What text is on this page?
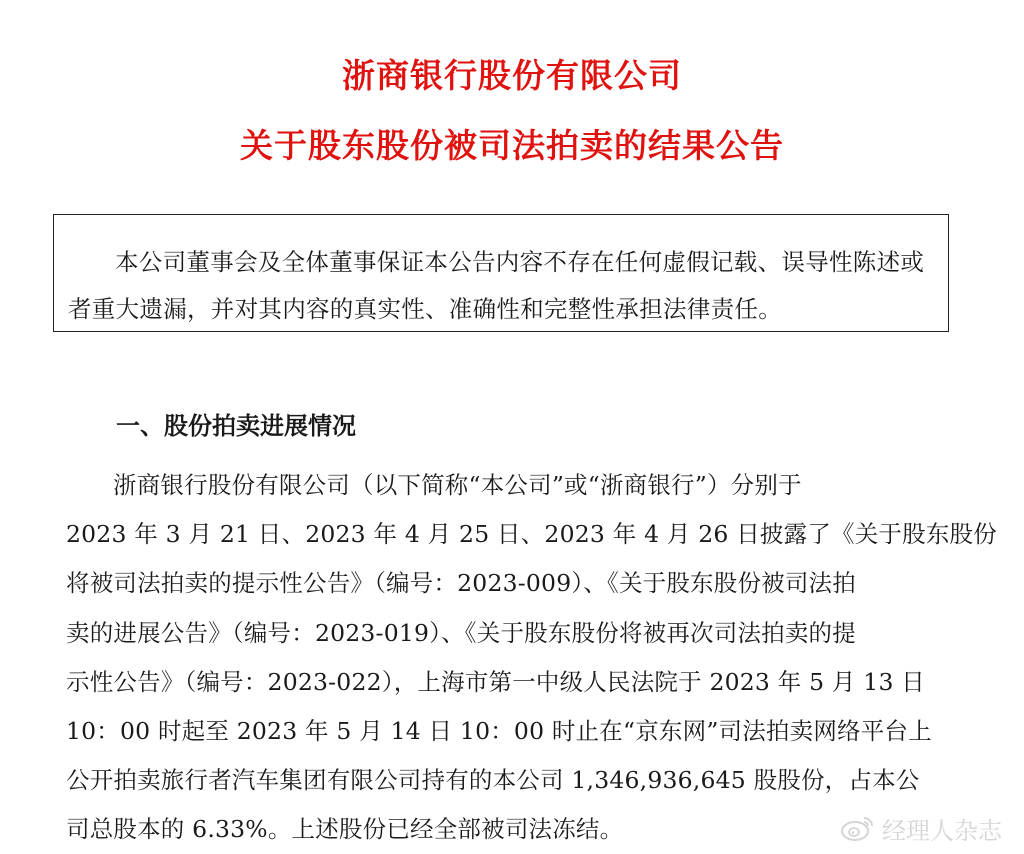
浙商银行股份有限公司
关于股东股份被司法拍卖的结果公告
本公司董事会及全体董事保证本公告内容不存在任何虚假记载、误导性陈述或者重大遗漏，并对其内容的真实性、准确性和完整性承担法律责任。
一、股份拍卖进展情况
浙商银行股份有限公司（以下简称“本公司”或“浙商银行”）分别于
2023 年 3 月 21 日、2023 年 4 月 25 日、2023 年 4 月 26 日披露了《关于股东股份
将被司法拍卖的提示性公告》（编号：2023-009）、《关于股东股份被司法拍
卖的进展公告》（编号：2023-019）、《关于股东股份将被再次司法拍卖的提
示性公告》（编号：2023-022），上海市第一中级人民法院于 2023 年 5 月 13 日
10：00 时起至 2023 年 5 月 14 日 10：00 时止在“京东网”司法拍卖网络平台上
公开拍卖旅行者汽车集团有限公司持有的本公司 1,346,936,645 股股份，占本公
司总股本的 6.33%。上述股份已经全部被司法冻结。	经理人杂志
